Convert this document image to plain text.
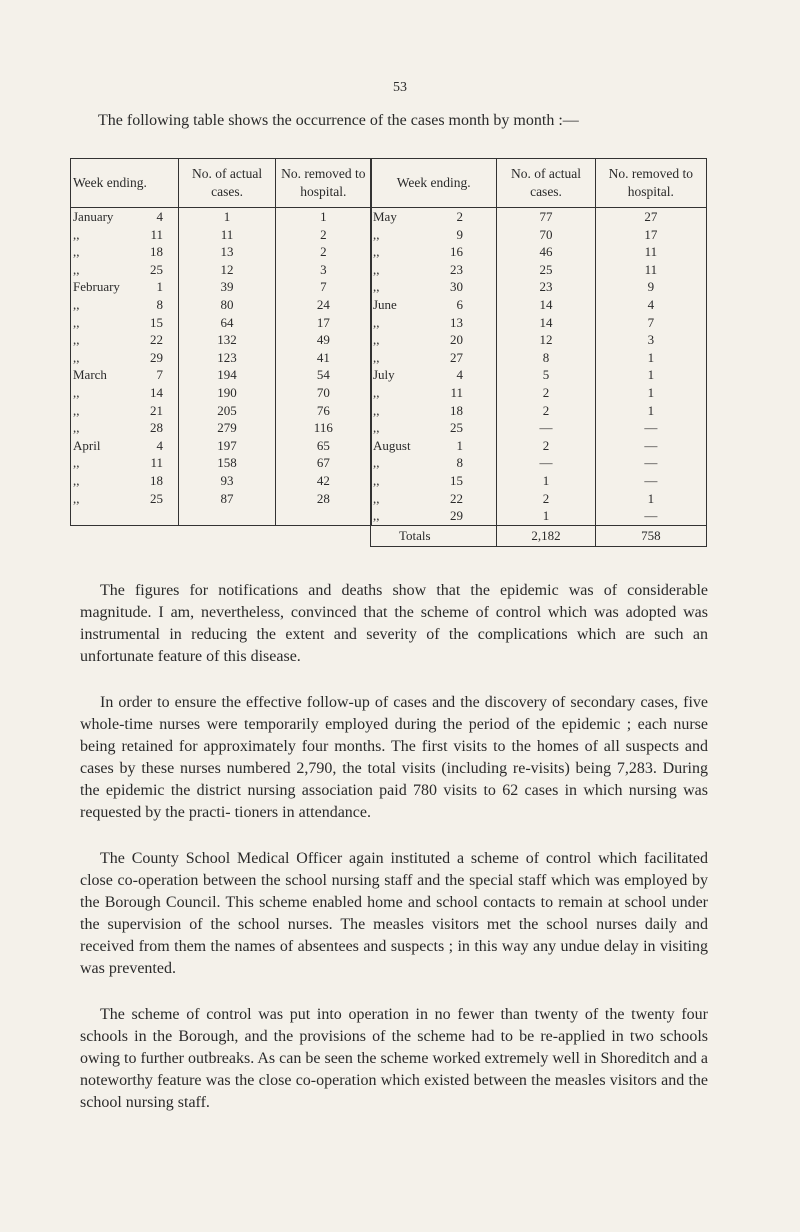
53
The following table shows the occurrence of the cases month by month :—
Week ending.	No. of actual cases.	No. removed to hospital.
January 4	1	1
,, 11	11	2
,, 18	13	2
,, 25	12	3
February 1	39	7
,, 8	80	24
,, 15	64	17
,, 22	132	49
,, 29	123	41
March 7	194	54
,, 14	190	70
,, 21	205	76
,, 28	279	116
April 4	197	65
,, 11	158	67
,, 18	93	42
,, 25	87	28

Week ending.	No. of actual cases.	No. removed to hospital.
May 2	77	27
,, 9	70	17
,, 16	46	11
,, 23	25	11
,, 30	23	9
June 6	14	4
,, 13	14	7
,, 20	12	3
,, 27	8	1
July 4	5	1
,, 11	2	1
,, 18	2	1
,, 25	—	—
August 1	2	—
,, 8	—	—
,, 15	1	—
,, 22	2	1
,, 29	1	—
Totals	2,182	758

The figures for notifications and deaths show that the epidemic was of considerable magnitude. I am, nevertheless, convinced that the scheme of control which was adopted was instrumental in reducing the extent and severity of the complications which are such an unfortunate feature of this disease.

In order to ensure the effective follow-up of cases and the discovery of secondary cases, five whole-time nurses were temporarily employed during the period of the epidemic ; each nurse being retained for approximately four months. The first visits to the homes of all suspects and cases by these nurses numbered 2,790, the total visits (including re-visits) being 7,283. During the epidemic the district nursing association paid 780 visits to 62 cases in which nursing was requested by the practi- tioners in attendance.

The County School Medical Officer again instituted a scheme of control which facilitated close co-operation between the school nursing staff and the special staff which was employed by the Borough Council. This scheme enabled home and school contacts to remain at school under the supervision of the school nurses. The measles visitors met the school nurses daily and received from them the names of absentees and suspects ; in this way any undue delay in visiting was prevented.

The scheme of control was put into operation in no fewer than twenty of the twenty four schools in the Borough, and the provisions of the scheme had to be re-applied in two schools owing to further outbreaks. As can be seen the scheme worked extremely well in Shoreditch and a noteworthy feature was the close co-operation which existed between the measles visitors and the school nursing staff.
